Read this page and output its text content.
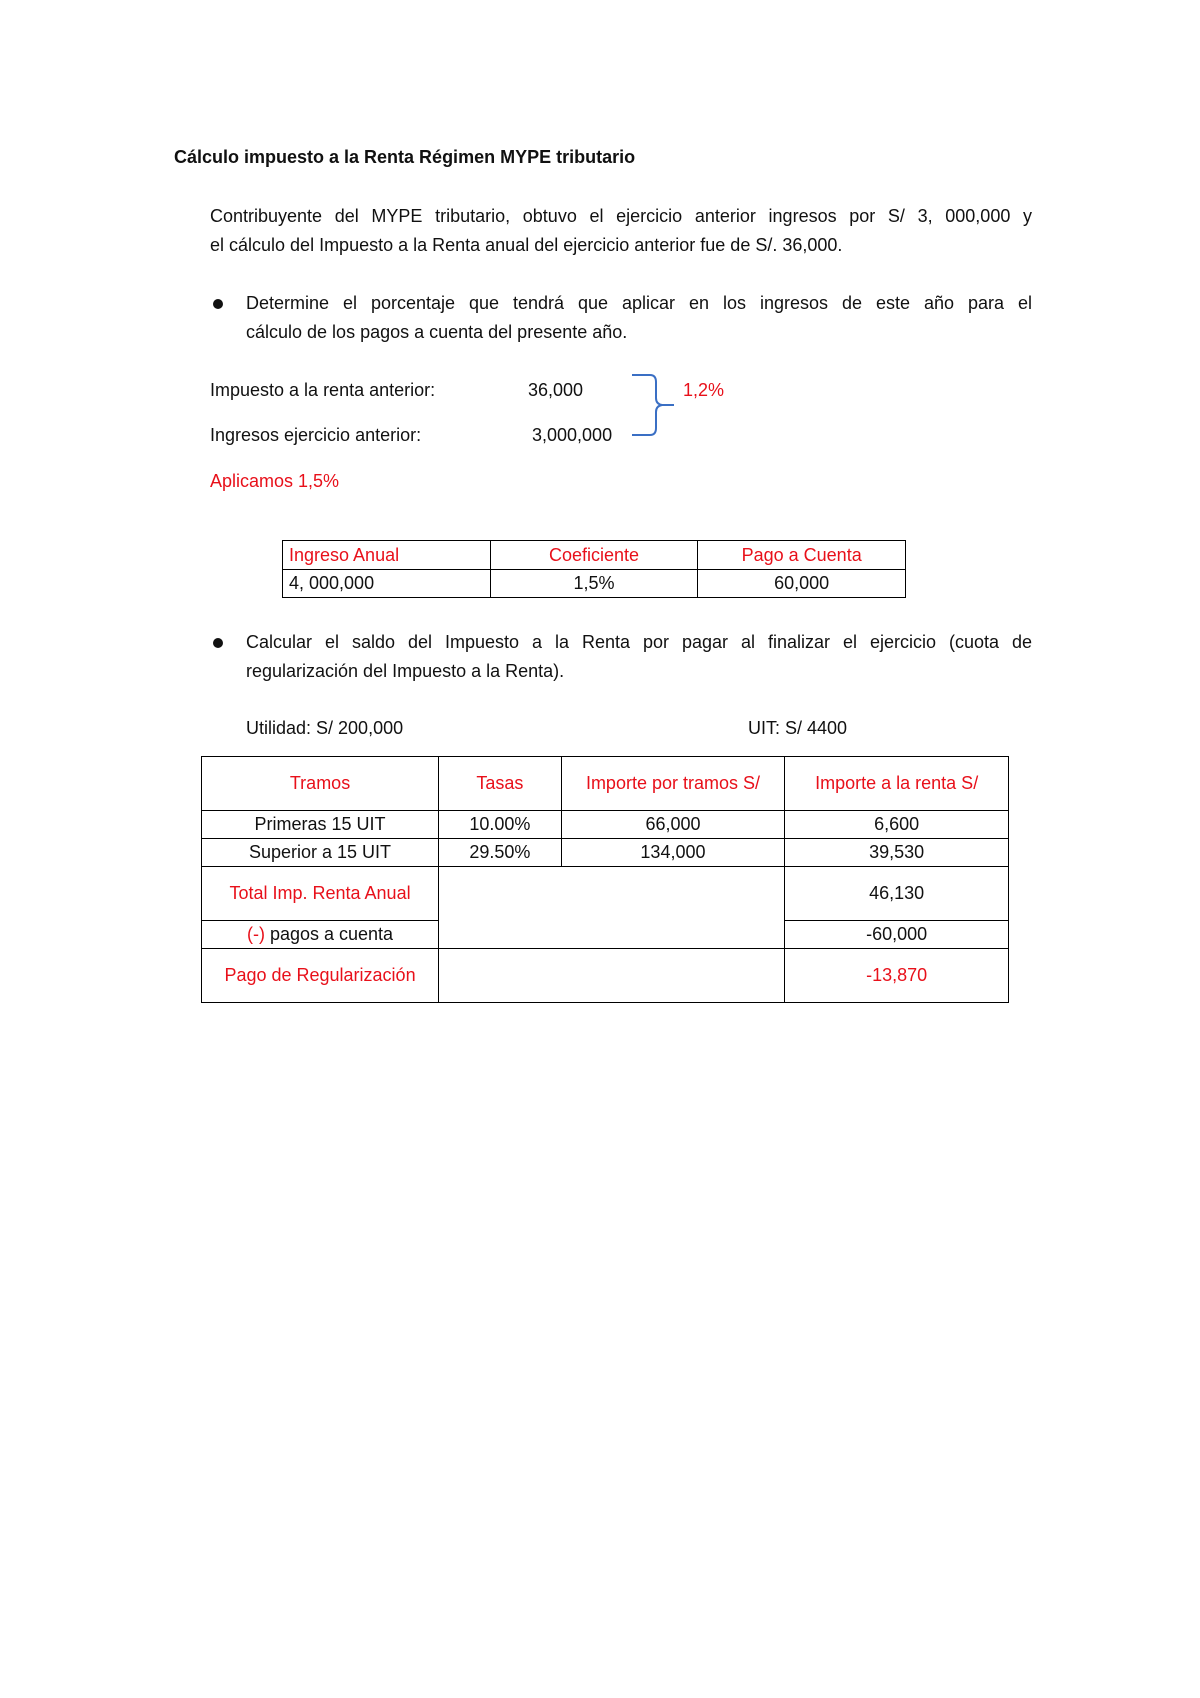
Cálculo impuesto a la Renta Régimen MYPE tributario
Contribuyente del MYPE tributario, obtuvo el ejercicio anterior ingresos por S/ 3, 000,000 y
el cálculo del Impuesto a la Renta anual del ejercicio anterior fue de S/. 36,000.
Determine el porcentaje que tendrá que aplicar en los ingresos de este año para el
cálculo de los pagos a cuenta del presente año.
Impuesto a la renta anterior:	36,000
Ingresos ejercicio anterior:	3,000,000
1,2%
Aplicamos 1,5%
Ingreso Anual	Coeficiente	Pago a Cuenta
4, 000,000	1,5%	60,000
Calcular el saldo del Impuesto a la Renta por pagar al finalizar el ejercicio (cuota de
regularización del Impuesto a la Renta).
Utilidad: S/ 200,000	UIT: S/ 4400
Tramos	Tasas	Importe por tramos S/	Importe a la renta S/
Primeras 15 UIT	10.00%	66,000	6,600
Superior a 15 UIT	29.50%	134,000	39,530
Total Imp. Renta Anual			46,130
(-) pagos a cuenta			-60,000
Pago de Regularización			-13,870
